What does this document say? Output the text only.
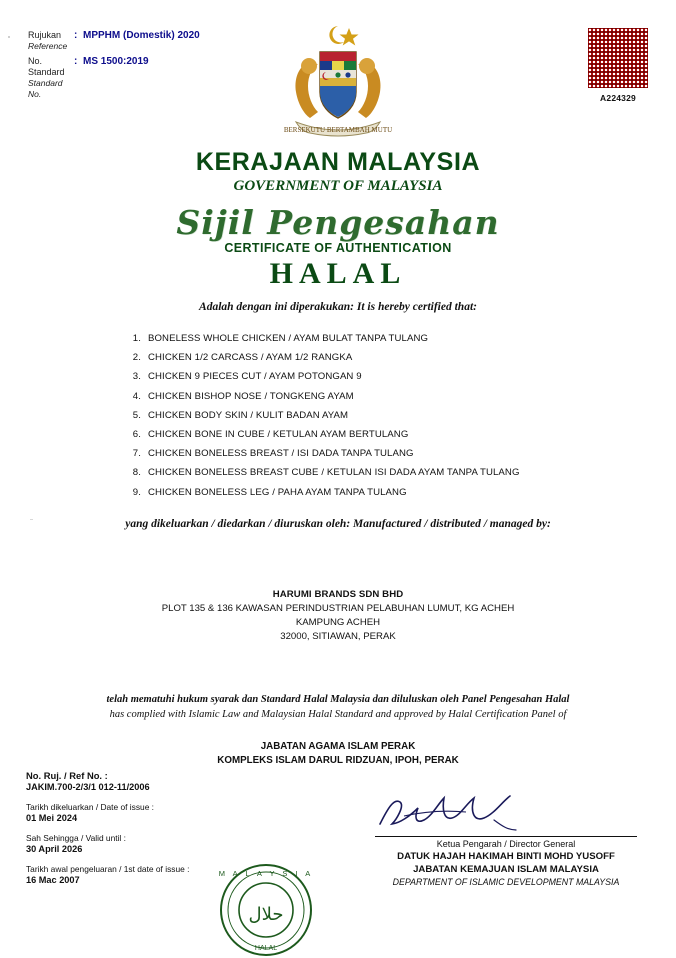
Rujukan
Reference
: MPPHM (Domestik) 2020
No.
Standard
Standard
No.
: MS 1500:2019
BERSEKUTU BERTAMBAH MUTU
A224329
KERAJAAN MALAYSIA
GOVERNMENT OF MALAYSIA
Sijil Pengesahan
CERTIFICATE OF AUTHENTICATION
HALAL
Adalah dengan ini diperakukan: It is hereby certified that:
1. BONELESS WHOLE CHICKEN / AYAM BULAT TANPA TULANG
2. CHICKEN 1/2 CARCASS / AYAM 1/2 RANGKA
3. CHICKEN 9 PIECES CUT / AYAM POTONGAN 9
4. CHICKEN BISHOP NOSE / TONGKENG AYAM
5. CHICKEN BODY SKIN / KULIT BADAN AYAM
6. CHICKEN BONE IN CUBE / KETULAN AYAM BERTULANG
7. CHICKEN BONELESS BREAST / ISI DADA TANPA TULANG
8. CHICKEN BONELESS BREAST CUBE / KETULAN ISI DADA AYAM TANPA TULANG
9. CHICKEN BONELESS LEG / PAHA AYAM TANPA TULANG
yang dikeluarkan / diedarkan / diuruskan oleh: Manufactured / distributed / managed by:
HARUMI BRANDS SDN BHD
PLOT 135 & 136 KAWASAN PERINDUSTRIAN PELABUHAN LUMUT, KG ACHEH
KAMPUNG ACHEH
32000, SITIAWAN, PERAK
telah mematuhi hukum syarak dan Standard Halal Malaysia dan diluluskan oleh Panel Pengesahan Halal
has complied with Islamic Law and Malaysian Halal Standard and approved by Halal Certification Panel of
JABATAN AGAMA ISLAM PERAK
KOMPLEKS ISLAM DARUL RIDZUAN, IPOH, PERAK
No. Ruj. / Ref No. :
JAKIM.700-2/3/1 012-11/2006
Tarikh dikeluarkan / Date of issue :
01 Mei 2024
Sah Sehingga / Valid until :
30 April 2026
Tarikh awal pengeluaran / 1st date of issue :
16 Mac 2007
Ketua Pengarah / Director General
DATUK HAJAH HAKIMAH BINTI MOHD YUSOFF
JABATAN KEMAJUAN ISLAM MALAYSIA
DEPARTMENT OF ISLAMIC DEVELOPMENT MALAYSIA
M A L A Y S I A
حلال
HALAL
